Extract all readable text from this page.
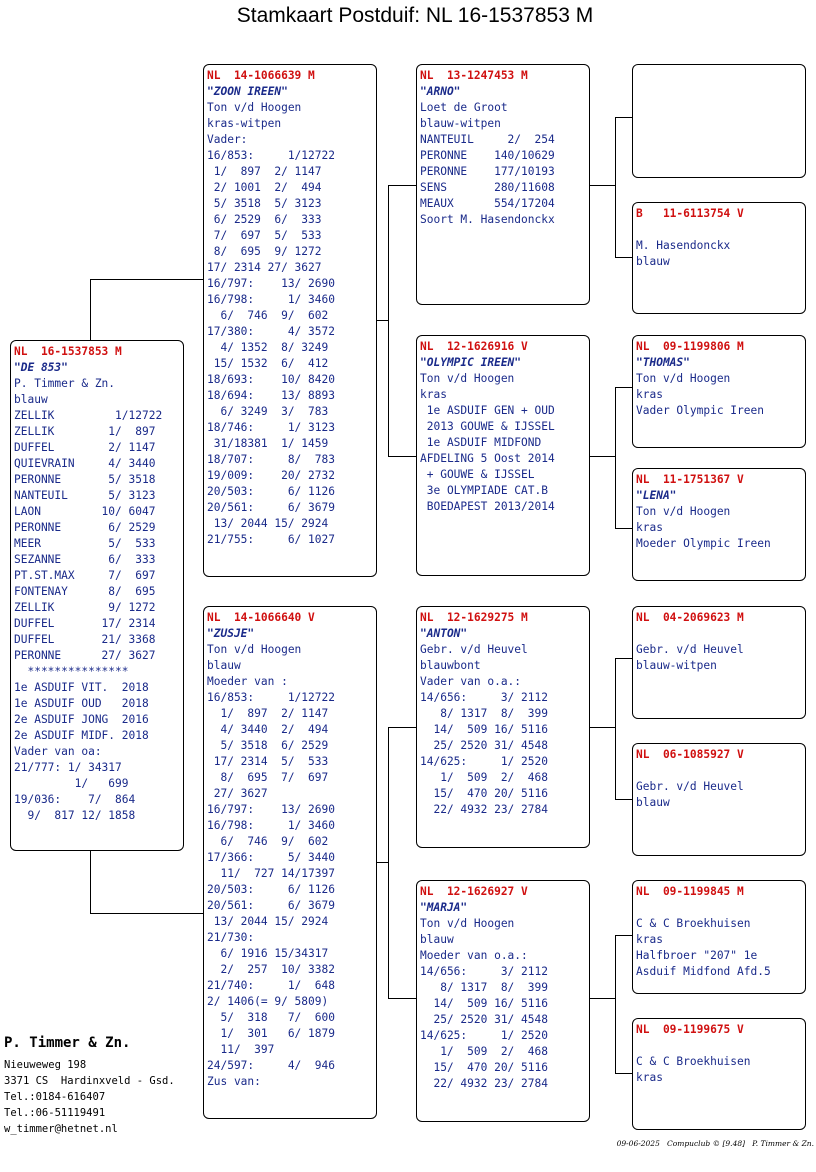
Stamkaart Postduif: NL 16-1537853 M
NL  16-1537853 M
"DE 853"
P. Timmer & Zn.
blauw
ZELLIK         1/12722
ZELLIK        1/  897
DUFFEL        2/ 1147
QUIEVRAIN     4/ 3440
PERONNE       5/ 3518
NANTEUIL      5/ 3123
LAON         10/ 6047
PERONNE       6/ 2529
MEER          5/  533
SEZANNE       6/  333
PT.ST.MAX     7/  697
FONTENAY      8/  695
ZELLIK        9/ 1272
DUFFEL       17/ 2314
DUFFEL       21/ 3368
PERONNE      27/ 3627
***************
1e ASDUIF VIT.  2018
1e ASDUIF OUD   2018
2e ASDUIF JONG  2016
2e ASDUIF MIDF. 2018
Vader van oa:
21/777: 1/ 34317
1/   699
19/036:    7/  864
9/  817 12/ 1858
NL  14-1066639 M
"ZOON IREEN"
Ton v/d Hoogen
kras-witpen
Vader:
16/853:     1/12722
1/  897  2/ 1147
2/ 1001  2/  494
5/ 3518  5/ 3123
6/ 2529  6/  333
7/  697  5/  533
8/  695  9/ 1272
17/ 2314 27/ 3627
16/797:    13/ 2690
16/798:     1/ 3460
6/  746  9/  602
17/380:     4/ 3572
4/ 1352  8/ 3249
15/ 1532  6/  412
18/693:    10/ 8420
18/694:    13/ 8893
6/ 3249  3/  783
18/746:     1/ 3123
31/18381  1/ 1459
18/707:     8/  783
19/009:    20/ 2732
20/503:     6/ 1126
20/561:     6/ 3679
13/ 2044 15/ 2924
21/755:     6/ 1027
NL  14-1066640 V
"ZUSJE"
Ton v/d Hoogen
blauw
Moeder van :
16/853:     1/12722
1/  897  2/ 1147
4/ 3440  2/  494
5/ 3518  6/ 2529
17/ 2314  5/  533
8/  695  7/  697
27/ 3627
16/797:    13/ 2690
16/798:     1/ 3460
6/  746  9/  602
17/366:     5/ 3440
11/  727 14/17397
20/503:     6/ 1126
20/561:     6/ 3679
13/ 2044 15/ 2924
21/730:
6/ 1916 15/34317
2/  257  10/ 3382
21/740:     1/  648
2/ 1406(= 9/ 5809)
5/  318   7/  600
1/  301   6/ 1879
11/  397
24/597:     4/  946
Zus van:
NL  13-1247453 M
"ARNO"
Loet de Groot
blauw-witpen
NANTEUIL     2/  254
PERONNE    140/10629
PERONNE    177/10193
SENS       280/11608
MEAUX      554/17204
Soort M. Hasendonckx
NL  12-1626916 V
"OLYMPIC IREEN"
Ton v/d Hoogen
kras
1e ASDUIF GEN + OUD
2013 GOUWE & IJSSEL
1e ASDUIF MIDFOND
AFDELING 5 Oost 2014
+ GOUWE & IJSSEL
3e OLYMPIADE CAT.B
BOEDAPEST 2013/2014
NL  12-1629275 M
"ANTON"
Gebr. v/d Heuvel
blauwbont
Vader van o.a.:
14/656:     3/ 2112
8/ 1317  8/  399
14/  509 16/ 5116
25/ 2520 31/ 4548
14/625:     1/ 2520
1/  509  2/  468
15/  470 20/ 5116
22/ 4932 23/ 2784
NL  12-1626927 V
"MARJA"
Ton v/d Hoogen
blauw
Moeder van o.a.:
14/656:     3/ 2112
8/ 1317  8/  399
14/  509 16/ 5116
25/ 2520 31/ 4548
14/625:     1/ 2520
1/  509  2/  468
15/  470 20/ 5116
22/ 4932 23/ 2784
B   11-6113754 V

M. Hasendonckx
blauw
NL  09-1199806 M
"THOMAS"
Ton v/d Hoogen
kras
Vader Olympic Ireen
NL  11-1751367 V
"LENA"
Ton v/d Hoogen
kras
Moeder Olympic Ireen
NL  04-2069623 M

Gebr. v/d Heuvel
blauw-witpen
NL  06-1085927 V

Gebr. v/d Heuvel
blauw
NL  09-1199845 M

C & C Broekhuisen
kras
Halfbroer "207" 1e
Asduif Midfond Afd.5
NL  09-1199675 V

C & C Broekhuisen
kras
P. Timmer & Zn.
Nieuweweg 198
3371 CS  Hardinxveld - Gsd.
Tel.:0184-616407
Tel.:06-51119491
w_timmer@hetnet.nl
09-06-2025   Compuclub © [9.48]   P. Timmer & Zn.
